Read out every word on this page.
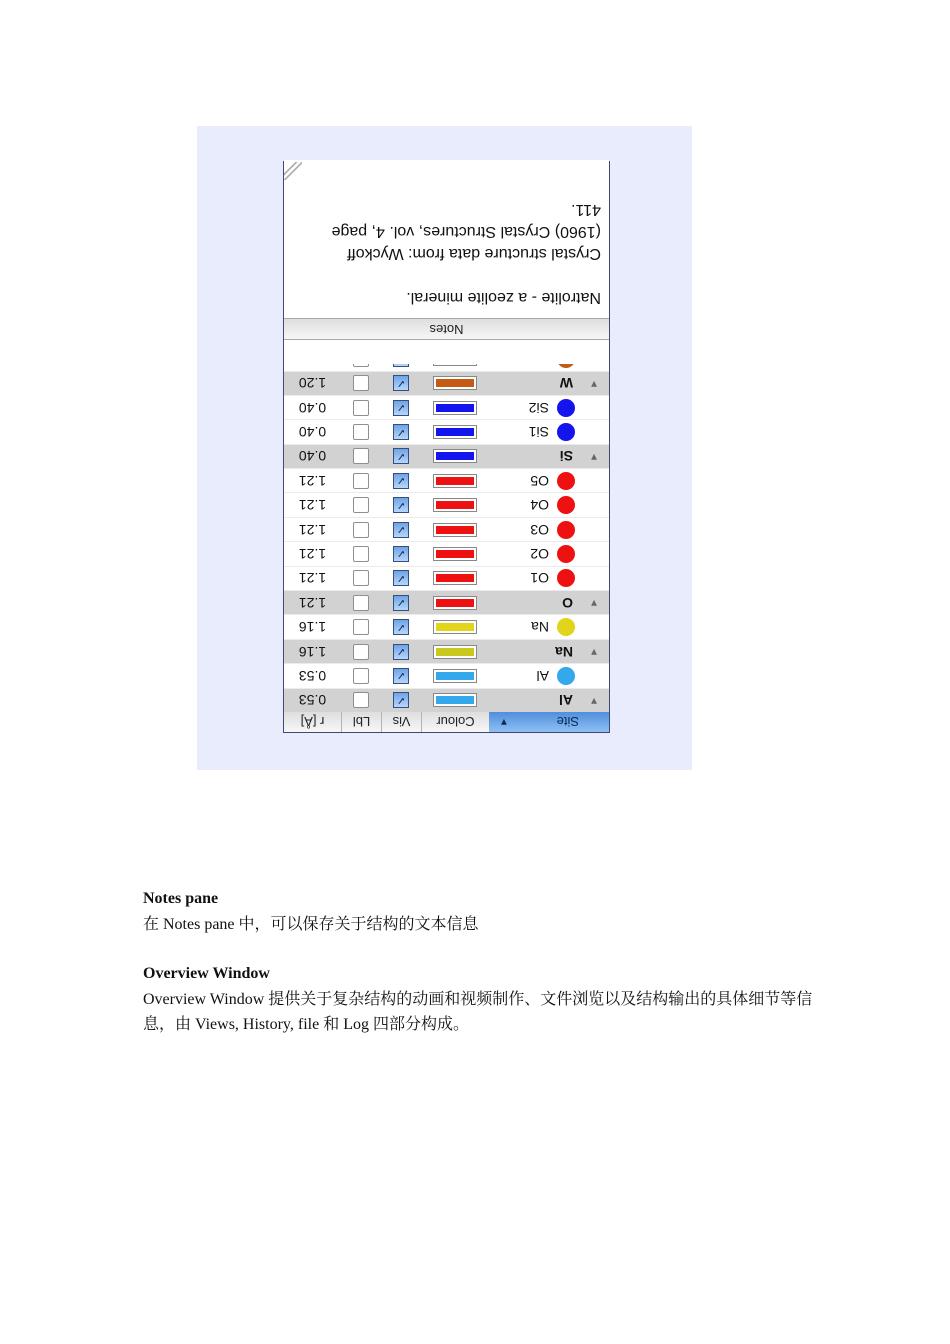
Site
▼
Colour
Vis
Lbl
r [Å]
▼
Al
✓
0.53
Al
✓
0.53
▼
Na
✓
1.16
Na
✓
1.16
▼
O
✓
1.21
O1
✓
1.21
O2
✓
1.21
O3
✓
1.21
O4
✓
1.21
O5
✓
1.21
▼
Si
✓
0.40
Si1
✓
0.40
Si2
✓
0.40
▼
W
✓
1.20
Notes

Natrolite - a zeolite mineral.

Crystal structure data from: Wyckoff
(1960) Crystal Structures, vol. 4, page
411.
Notes pane
在 Notes pane 中，可以保存关于结构的文本信息
Overview Window
Overview Window 提供关于复杂结构的动画和视频制作、文件浏览以及结构输出的具体细节等信息，由 Views, History, file 和 Log 四部分构成。
